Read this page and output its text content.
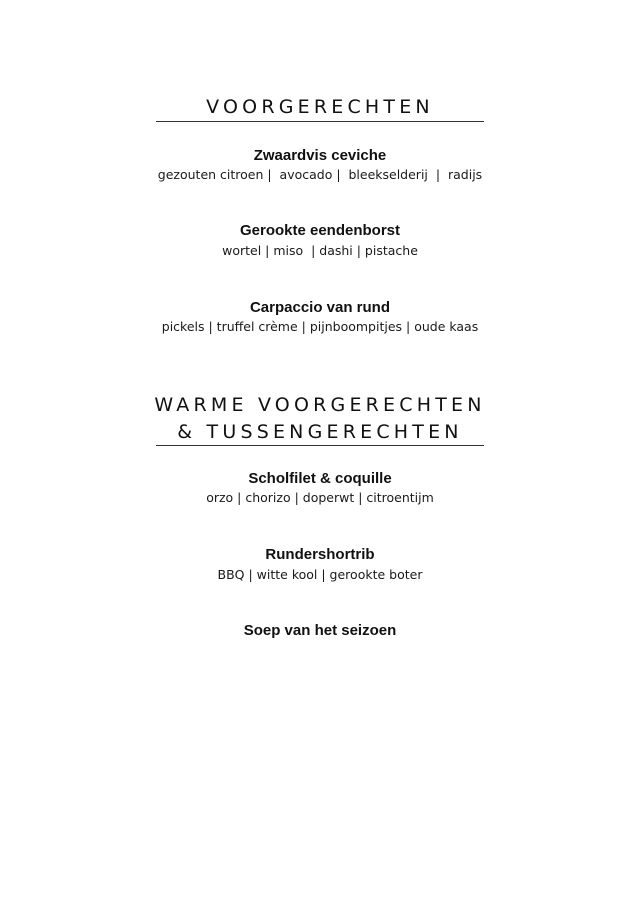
VOORGERECHTEN
Zwaardvis ceviche
gezouten citroen |  avocado |  bleekselderij  |  radijs
Gerookte eendenborst
wortel | miso  | dashi | pistache
Carpaccio van rund
pickels | truffel crème | pijnboompitjes | oude kaas
WARME VOORGERECHTEN
& TUSSENGERECHTEN
Scholfilet & coquille
orzo | chorizo | doperwt | citroentijm
Rundershortrib
BBQ | witte kool | gerookte boter
Soep van het seizoen
